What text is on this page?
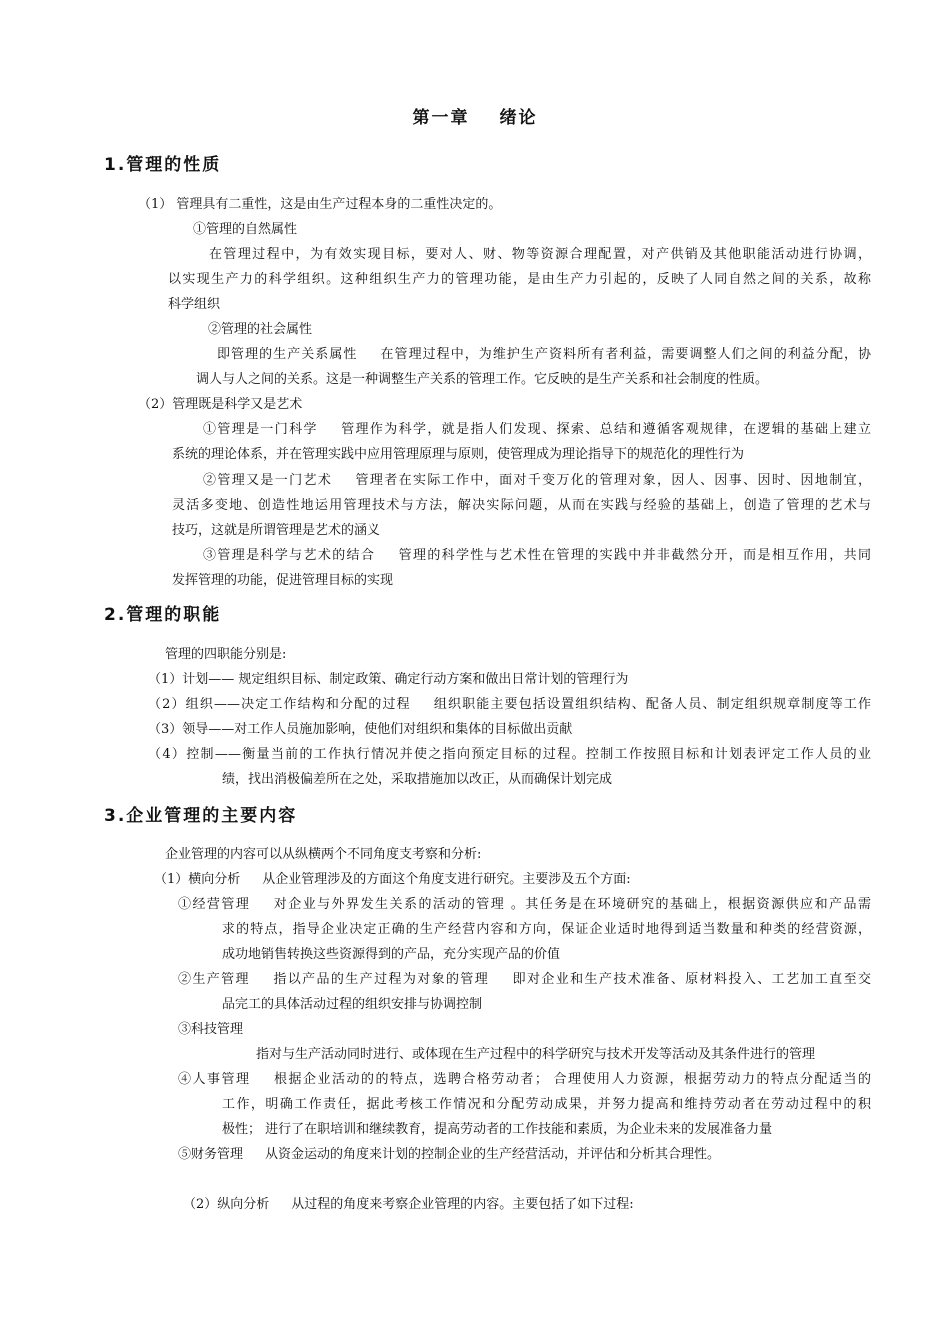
第一章 绪论
1.管理的性质
（1） 管理具有二重性，这是由生产过程本身的二重性决定的。
①管理的自然属性
在管理过程中，为有效实现目标，要对人、财、物等资源合理配置，对产供销及其他职能活动进行协调，
以实现生产力的科学组织。这种组织生产力的管理功能，是由生产力引起的，反映了人同自然之间的关系，故称
科学组织
②管理的社会属性
即管理的生产关系属性 在管理过程中，为维护生产资料所有者利益，需要调整人们之间的利益分配，协
调人与人之间的关系。这是一种调整生产关系的管理工作。它反映的是生产关系和社会制度的性质。
（2）管理既是科学又是艺术
①管理是一门科学 管理作为科学，就是指人们发现、探索、总结和遵循客观规律，在逻辑的基础上建立
系统的理论体系，并在管理实践中应用管理原理与原则，使管理成为理论指导下的规范化的理性行为
②管理又是一门艺术 管理者在实际工作中，面对千变万化的管理对象，因人、因事、因时、因地制宜，
灵活多变地、创造性地运用管理技术与方法，解决实际问题，从而在实践与经验的基础上，创造了管理的艺术与
技巧，这就是所谓管理是艺术的涵义
③管理是科学与艺术的结合 管理的科学性与艺术性在管理的实践中并非截然分开，而是相互作用，共同
发挥管理的功能，促进管理目标的实现
2.管理的职能
管理的四职能分别是:
（1）计划—— 规定组织目标、制定政策、确定行动方案和做出日常计划的管理行为
（2）组织——决定工作结构和分配的过程 组织职能主要包括设置组织结构、配备人员、制定组织规章制度等工作
（3）领导——对工作人员施加影响，使他们对组织和集体的目标做出贡献
（4）控制——衡量当前的工作执行情况并使之指向预定目标的过程。控制工作按照目标和计划表评定工作人员的业
绩，找出消极偏差所在之处，采取措施加以改正，从而确保计划完成
3.企业管理的主要内容
企业管理的内容可以从纵横两个不同角度支考察和分析:
（1）横向分析 从企业管理涉及的方面这个角度支进行研究。主要涉及五个方面:
①经营管理 对企业与外界发生关系的活动的管理 。其任务是在环境研究的基础上，根据资源供应和产品需
求的特点，指导企业决定正确的生产经营内容和方向，保证企业适时地得到适当数量和种类的经营资源，
成功地销售转换这些资源得到的产品，充分实现产品的价值
②生产管理 指以产品的生产过程为对象的管理 即对企业和生产技术准备、原材料投入、工艺加工直至交
品完工的具体活动过程的组织安排与协调控制
③科技管理
指对与生产活动同时进行、或体现在生产过程中的科学研究与技术开发等活动及其条件进行的管理
④人事管理 根据企业活动的的特点，选聘合格劳动者； 合理使用人力资源，根据劳动力的特点分配适当的
工作，明确工作责任，据此考核工作情况和分配劳动成果，并努力提高和维持劳动者在劳动过程中的积
极性； 进行了在职培训和继续教育，提高劳动者的工作技能和素质，为企业未来的发展准备力量
⑤财务管理 从资金运动的角度来计划的控制企业的生产经营活动，并评估和分析其合理性。
（2）纵向分析 从过程的角度来考察企业管理的内容。主要包括了如下过程:
